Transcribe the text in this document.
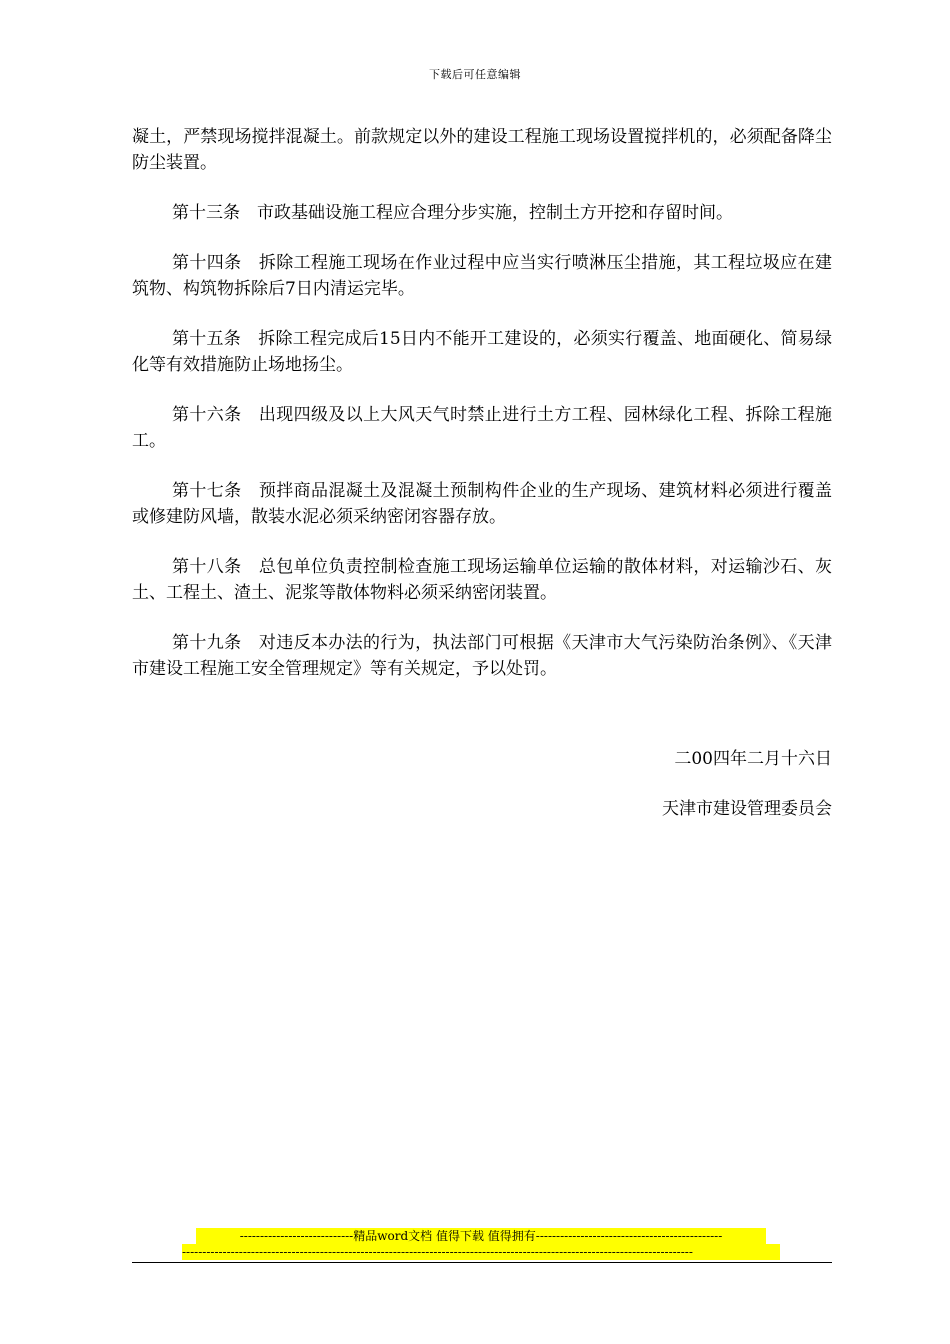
下载后可任意编辑

凝土，严禁现场搅拌混凝土。前款规定以外的建设工程施工现场设置搅拌机的，必须配备降尘防尘装置。

第十三条　市政基础设施工程应合理分步实施，控制土方开挖和存留时间。

第十四条　拆除工程施工现场在作业过程中应当实行喷淋压尘措施，其工程垃圾应在建筑物、构筑物拆除后7日内清运完毕。

第十五条　拆除工程完成后15日内不能开工建设的，必须实行覆盖、地面硬化、简易绿化等有效措施防止场地扬尘。

第十六条　出现四级及以上大风天气时禁止进行土方工程、园林绿化工程、拆除工程施工。

第十七条　预拌商品混凝土及混凝土预制构件企业的生产现场、建筑材料必须进行覆盖或修建防风墙，散装水泥必须采纳密闭容器存放。

第十八条　总包单位负责控制检查施工现场运输单位运输的散体材料，对运输沙石、灰土、工程土、渣土、泥浆等散体物料必须采纳密闭装置。

第十九条　对违反本办法的行为，执法部门可根据《天津市大气污染防治条例》、《天津市建设工程施工安全管理规定》等有关规定，予以处罚。

二00四年二月十六日
天津市建设管理委员会
----------------------------精品word文档 值得下载 值得拥有----------------------------------------------
------------------------------------------------------------------------------------------------------------------------------
